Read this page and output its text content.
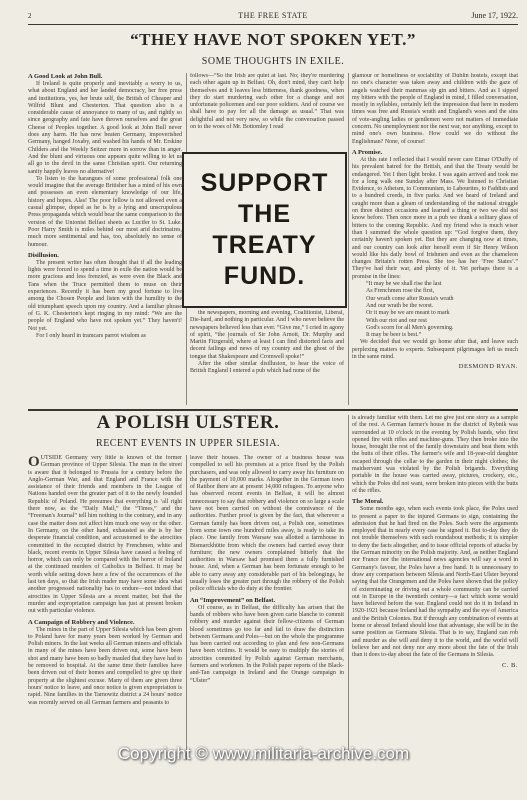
2	THE FREE STATE	June 17, 1922.
“THEY HAVE NOT SPOKEN YET.”
SOME THOUGHTS IN EXILE.
A Good Look at John Bull.

If Ireland is quite properly and inevitably a worry to us, what about England and her landed democracy, her free press and institutions, yes, her brute self, the British of Cheaper and Wilfrid Blunt and Chesterton. That question also is a considerable cause of annoyance to many of us, and rightly so since geography and fate have thrown ourselves and the great Cheese of Peoples together. A good look at John Bull never does any harm. He has now beaten Germany, impoverished Germany, hanged Joxaby, and washed his hands of Mr. Erskine Childers and the Weekly Seitzer more in sorrow than in anger. And the blunt and virtuous one appears quite willing to let us all go to the devil in the same Christian spirit. Our returning sanity happily leaves no alternative!

To listen to the harangues of some professional folk one would imagine that the average Britisher has a mind of his own and possesses an even elementary knowledge of our life, history and hopes. Alas! The poor fellow is not allowed even a casual glimpse, doped as he is by a lying and unscrupulous Press propaganda which would bear the same comparison to the version of the Unionist Belfast sheets as Lucifer to St. Luke. Poor Harry Smith is miles behind our most arid doctrinaires, much more sentimental and has, too, absolutely no sense of humour.

Disillusion.

The present writer has often thought that if all the leading lights were forced to spend a time in exile the nation would be more gracious and less frenzied, as were even the Black and Tans when the Truce permitted them to muse on their experiences. Recently it has been my good fortune to live among the Chosen People and listen with the humility to the old triumphant speech upon my country. And a familiar phrase of G. K. Chesterton's kept ringing in my mind: “We are the people of England who have not spoken yet.” They haven't! Not yet.

For I only heard in tramcars parrot wisdom as

follows—“So the Irish are quiet at last. No; they're murdering each other again up in Belfast. Oh, don't mind, they can't help themselves and it leaves less bitterness, thank goodness, when they do start murdering each other for a change and not unfortunate policemen and our poor soldiers. And of course we shall have to pay for all the damage as usual.” That was delightful and not very new, so while the conversation passed on to the woes of Mr. Bottomley I read

SUPPORT
THE
TREATY
FUND.

the newspapers, morning and evening, Coalitionist, Liberal, Die-hard, and nothing in particular. And I who never believe the newspapers believed less than ever. “Give me,” I cried in agony of spirit, “the journals of Sir John Arnott, Dr. Murphy and Martin Fitzgerald, where at least I can find distorted facts and decent failings and news of my country and the ghost of the tongue that Shakespeare and Cromwell spoke!”

After the other similar disillusion, to hear the voice of British England I entered a pub which had none of the

glamour or homeliness or sociability of Dublin hostels, except that no one's character was taken away and children with the gaze of angels watched their mammas sip gin and bitters. And as I sipped my bitters with the people of England in mind, I filled conversation, mostly in syllables, certainly left the impression that here in modern times was free and Russia's wrath and England's woes and the sins of vote-angling ladies or gentlemen were not matters of immediate concern. No unemployment nor the next war, nor anything, except to mind one's own business. How could we do without the Englishman? None, of course!

A Promise.

At this rate I reflected that I would never care Eimar O'Duffy of his prevalent hatred for the British, and that the Treaty would be endangered. Yet I then light broke. I was again arrived and took me for a long walk one Sunday after Mass. We listened to Christian Evidence, to Atheism, to Communism, to Labourites, to Faddists and to a hundred creeds, in five parks. And we heard of Ireland and caught more than a gleam of understanding of the national struggle on three distinct occasions and learned a thing or two we did not know before. Then once more in a pub we drank a solitary glass of bitters to the coming Republic. And my friend who is much wiser than I summed the whole question up: “God forgive them, they certainly haven't spoken yet. But they are changing now at times, and our country can look after herself even if Sir Henry Wilson would like his daily bowl of Irishmen and even as the chameleon changes Britain's rotten Press. She too has her ‘Free States’.” They've had their war, and plenty of it. Yet perhaps there is a promise in the lines:

“It may be we shall rise the last
As Frenchmen rose the first,
Our wrath come after Russia's wrath
And our wrath be the worst.
Or it may be we are meant to mark
With our riot and our rest
God's scorn for all Men's governing.
It may be beer is best.”

We decided that we would go home after that, and leave such perplexing matters to experts. Subsequent pilgrimages left us much in the same mind.

DESMOND RYAN.
A POLISH ULSTER.
RECENT EVENTS IN UPPER SILESIA.

OUTSIDE Germany very little is known of the former German province of Upper Silesia. The man in the street is aware that it belonged to Prussia for a century before the Anglo-German War, and that England and France with the assistance of their friends and members in the League of Nations handed over the greater part of it to the newly founded Republic of Poland. He presumes that everything is ‘all right there now, as the “Daily Mail,” the “Times,” and the “Freeman's Journal” tell him nothing to the contrary, and in any case the matter does not affect him much one way or the other. In Germany, on the other hand, exhausted as she is by her desperate financial condition, and accustomed to the atrocities committed in the occupied district by Frenchmen, white and black, recent events in Upper Silesia have caused a feeling of horror, which can only be compared with the horror of Ireland at the continued murders of Catholics in Belfast. It may be worth while setting down here a few of the occurrences of the last ten days, so that the Irish reader may have some idea what another progressed nationality has to endure—not indeed that atrocities in Upper Silesia are a recent matter, but that the murder and expropriation campaign has just at present broken out with particular violence.

A Campaign of Robbery and Violence.

The mines in the part of Upper Silesia which has been given to Poland have for many years been worked by German and Polish miners. In the last weeks all German miners and officials in many of the mines have been driven out, some have been shot and many have been so badly mauled that they have had to be removed to hospital. At the same time their families have been driven out of their homes and compelled to give up their property at the slightest excuse. Many of them are given three hours' notice to leave, and once notice is given expropriation is rapid. Nine families in the Tarnowitz district a 24 hours' notice was recently served on all German farmers and peasants to

leave their houses. The owner of a business house was compelled to sell his premises at a price fixed by the Polish purchasers, and was only allowed to carry away his furniture on the payment of 10,000 marks. Altogether in the German town of Ratibor there are at present 14,000 refugees. To anyone who has observed recent events in Belfast, it will be almost unnecessary to say that robbery and violence on so large a scale have not been carried on without the connivance of the authorities. Further proof is given by the fact, that wherever a German family has been driven out, a Polish one, sometimes from some town one hundred miles away, is ready to take its place. One family from Warsaw was allotted a farmhouse in Bismarckhütte from which the owners had carried away their furniture; the new owners complained bitterly that the authorities in Warsaw had promised them a fully furnished house. And, when a German has been fortunate enough to be able to carry away any considerable part of his belongings, he usually loses the greater part through the robbery of the Polish police officials who do duty at the frontier.

An “Improvement” on Belfast.

Of course, as in Belfast, the difficulty has arisen that the bands of robbers who have been given carte blanche to commit robbery and murder against their fellow-citizens of German blood sometimes go too far and fail to draw the distinction between Germans and Poles—but on the whole the programme has been carried out according to plan and few non-Germans have been victims. It would be easy to multiply the stories of atrocities committed by Polish against German merchants, farmers and workmen. In the Polish paper reports of the Black-and-Tan campaign in Ireland and the Orange campaign in “Ulster”

is already familiar with them. Let me give just one story as a sample of the rest. A German farmer's house in the district of Rybnik was surrounded at 10 o'clock in the evening by Polish bands, who first opened fire with rifles and machine-guns. They then broke into the house, brought the rest of the family downstairs and beat them with the butts of their rifles. The farmer's wife and 18-year-old daughter escaped through the cellar to the garden in their night clothes; the maidservant was violated by the Polish brigands. Everything portable in the house was carried away, pictures, crockery, etc., which the Poles did not want, were broken into pieces with the butts of the rifles.

The Moral.

Some months ago, when such events took place, the Poles used to present a paper to the injured Germans to sign, containing the admission that he had fired on the Poles. Such were the arguments employed that in nearly every case he signed it. But to-day they do not trouble themselves with such roundabout methods; it is simpler to deny the facts altogether, and to issue official reports of attacks by the German minority on the Polish majority. And, as neither England nor France nor the international news agencies will say a word in Germany's favour, the Poles have a free hand. It is unnecessary to draw any comparison between Silesia and North-East Ulster beyond saying that the Orangemen and the Poles have shown that the policy of exterminating or driving out a whole community can be carried out in Europe in the twentieth century—a fact which some would have believed before the war. England could not do it in Ireland in 1920-1921 because Ireland had the sympathy and the eye of America and the British Colonies. But if through any combination of events at home or abroad Ireland should lose that advantage, she will be in the same position as Germans Silesia. That is to say, England can rob and murder as she will and deny it to the world, and the world will believe her and not deny nor any more about the fate of the Irish than it does to-day about the fate of the Germans in Silesia.

C. B.
Copyright © www.militaria-archive.com
